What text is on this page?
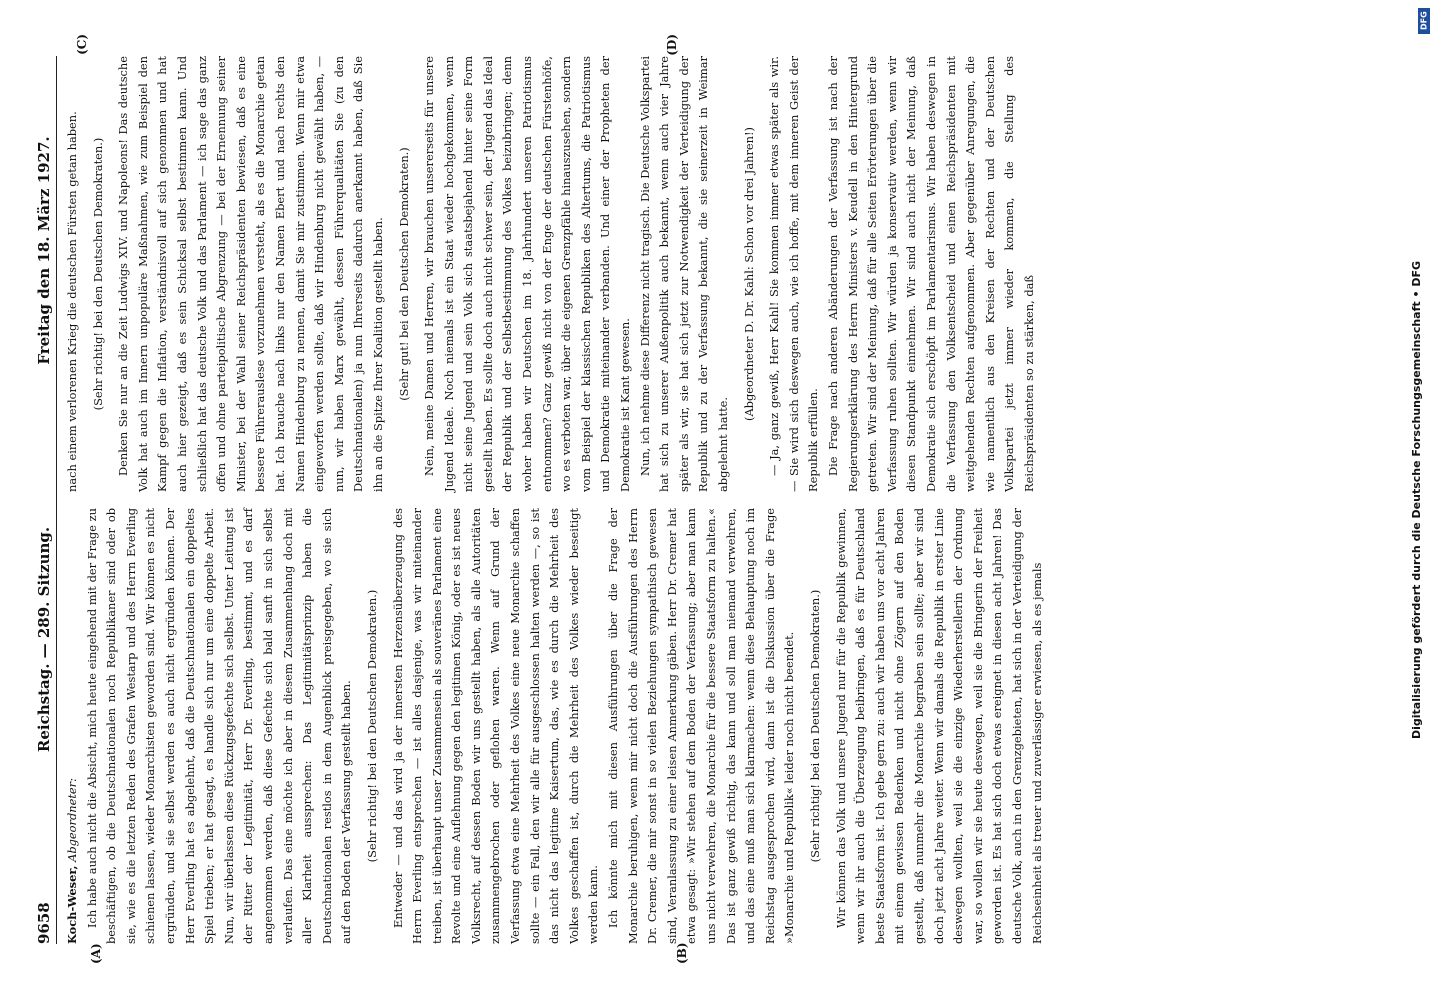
9658
Reichstag. — 289. Sitzung.
Freitag den 18. März 1927.
(A)	(B)

Koch-Weser, Abgeordneter: Ich habe auch nicht die Absicht, mich heute eingehend mit der Frage zu beschäftigen, ob die Deutschnationalen noch Republikaner sind oder ob sie, wie es die letzten Reden des Grafen Westarp und des Herrn Everling schienen lassen, wieder Monarchisten geworden sind. Wir können es nicht ergründen, und sie selbst werden es auch nicht ergründen können. Der Herr Everling hat es abgelehnt, daß die Deutschnationalen ein doppeltes Spiel trieben; er hat gesagt, es handle sich nur um eine doppelte Arbeit. Nun, wir überlassen diese Rückzugsgefechte sich selbst. Unter Leitung ist der Ritter der Legitimität, Herr Dr. Everling, bestimmt, und es darf angenommen werden, daß diese Gefechte sich bald sanft in sich selbst verlaufen. Das eine möchte ich aber in diesem Zusammenhang doch mit aller Klarheit aussprechen: Das Legitimitätsprinzip haben die Deutschnationalen restlos in dem Augenblick preisgegeben, wo sie sich auf den Boden der Verfassung gestellt haben.	(Sehr richtig! bei den Deutschen Demokraten.)	Entweder — und das wird ja der innersten Herzensüberzeugung des Herrn Everling entsprechen — ist alles dasjenige, was wir miteinander treiben, ist überhaupt unser Zusammensein als souveränes Parlament eine Revolte und eine Auflehnung gegen den legitimen König, oder es ist neues Volksrecht, auf dessen Boden wir uns gestellt haben, als alle Autoritäten zusammengebrochen oder geflohen waren. Wenn auf Grund der Verfassung etwa eine Mehrheit des Volkes eine neue Monarchie schaffen sollte — ein Fall, den wir alle für ausgeschlossen halten werden —, so ist das nicht das legitime Kaisertum, das, wie es durch die Mehrheit des Volkes geschaffen ist, durch die Mehrheit des Volkes wieder beseitigt werden kann. Ich könnte mich mit diesen Ausführungen über die Frage der Monarchie beruhigen, wenn mir nicht doch die Ausführungen des Herrn Dr. Cremer, die mir sonst in so vielen Beziehungen sympathisch gewesen sind, Veranlassung zu einer leisen Anmerkung gäben. Herr Dr. Cremer hat etwa gesagt: »Wir stehen auf dem Boden der Verfassung; aber man kann uns nicht verwehren, die Monarchie für die bessere Staatsform zu halten.« Das ist ganz gewiß richtig, das kann und soll man niemand verwehren, und das eine muß man sich klarmachen: wenn diese Behauptung noch im Reichstag ausgesprochen wird, dann ist die Diskussion über die Frage »Monarchie und Republik« leider noch nicht beendet.	(Sehr richtig! bei den Deutschen Demokraten.)	Wir können das Volk und unsere Jugend nur für die Republik gewinnen, wenn wir ihr auch die Überzeugung beibringen, daß es für Deutschland beste Staatsform ist. Ich gebe gern zu: auch wir haben uns vor acht Jahren mit einem gewissen Bedenken und nicht ohne Zögern auf den Boden gestellt, daß nunmehr die Monarchie begraben sein sollte; aber wir sind doch jetzt acht Jahre weiter. Wenn wir damals die Republik in erster Linie deswegen wollten, weil sie die einzige Wiederherstellerin der Ordnung war, so wollen wir sie heute deswegen, weil sie die Bringerin der Freiheit geworden ist. Es hat sich doch etwas ereignet in diesen acht Jahren! Das deutsche Volk, auch in den Grenzgebieten, hat sich in der Verteidigung der Reichseinheit als treuer und zuverlässiger erwiesen, als es jemals

(C)	(D)

nach einem verlorenen Krieg die deutschen Fürsten getan haben.	(Sehr richtig! bei den Deutschen Demokraten.)	Denken Sie nur an die Zeit Ludwigs XIV. und Napoleons! Das deutsche Volk hat auch im Innern unpopuläre Maßnahmen, wie zum Beispiel den Kampf gegen die Inflation, verständnisvoll auf sich genommen und hat auch hier gezeigt, daß es sein Schicksal selbst bestimmen kann. Und schließlich hat das deutsche Volk und das Parlament — ich sage das ganz offen und ohne parteipolitische Abgrenzung — bei der Ernennung seiner Minister, bei der Wahl seiner Reichspräsidenten bewiesen, daß es eine bessere Führerauslese vorzunehmen versteht, als es die Monarchie getan hat. Ich brauche nach links nur den Namen Ebert und nach rechts den Namen Hindenburg zu nennen, damit Sie mir zustimmen. Wenn mir etwa eingeworfen werden sollte, daß wir Hindenburg nicht gewählt haben, — nun, wir haben Marx gewählt, dessen Führerqualitäten Sie (zu den Deutschnationalen) ja nun Ihrerseits dadurch anerkannt haben, daß Sie ihn an die Spitze Ihrer Koalition gestellt haben.	(Sehr gut! bei den Deutschen Demokraten.)	Nein, meine Damen und Herren, wir brauchen unsererseits für unsere Jugend Ideale. Noch niemals ist ein Staat wieder hochgekommen, wenn nicht seine Jugend und sein Volk sich staatsbejahend hinter seine Form gestellt haben. Es sollte doch auch nicht schwer sein, der Jugend das Ideal der Republik und der Selbstbestimmung des Volkes beizubringen; denn woher haben wir Deutschen im 18. Jahrhundert unseren Patriotismus entnommen? Ganz gewiß nicht von der Enge der deutschen Fürstenhöfe, wo es verboten war, über die eigenen Grenzpfähle hinauszusehen, sondern vom Beispiel der klassischen Republiken des Altertums, die Patriotismus und Demokratie miteinander verbanden. Und einer der Propheten der Demokratie ist Kant gewesen. Nun, ich nehme diese Differenz nicht tragisch. Die Deutsche Volkspartei hat sich zu unserer Außenpolitik auch bekannt, wenn auch vier Jahre später als wir, sie hat sich jetzt zur Notwendigkeit der Verteidigung der Republik und zu der Verfassung bekannt, die sie seinerzeit in Weimar abgelehnt hatte.

(Abgeordneter D. Dr. Kahl: Schon vor drei Jahren!)	— Ja, ganz gewiß, Herr Kahl! Sie kommen immer etwas später als wir. — Sie wird sich deswegen auch, wie ich hoffe, mit dem inneren Geist der Republik erfüllen. Die Frage nach anderen Abänderungen der Verfassung ist nach der Regierungserklärung des Herrn Ministers v. Keudell in den Hintergrund getreten. Wir sind der Meinung, daß für alle Seiten Erörterungen über die Verfassung ruhen sollten. Wir würden ja konservativ werden, wenn wir diesen Standpunkt einnehmen. Wir sind auch nicht der Meinung, daß Demokratie sich erschöpft im Parlamentarismus. Wir haben deswegen in die Verfassung den Volksentscheid und einen Reichspräsidenten mit weitgehenden Rechten aufgenommen. Aber gegenüber Anregungen, die wie namentlich aus den Kreisen der Rechten und der Deutschen Volkspartei jetzt immer wieder kommen, die Stellung des Reichspräsidenten so zu stärken, daß

DFG
Digitalisierung gefördert durch die Deutsche Forschungsgemeinschaft • DFG
